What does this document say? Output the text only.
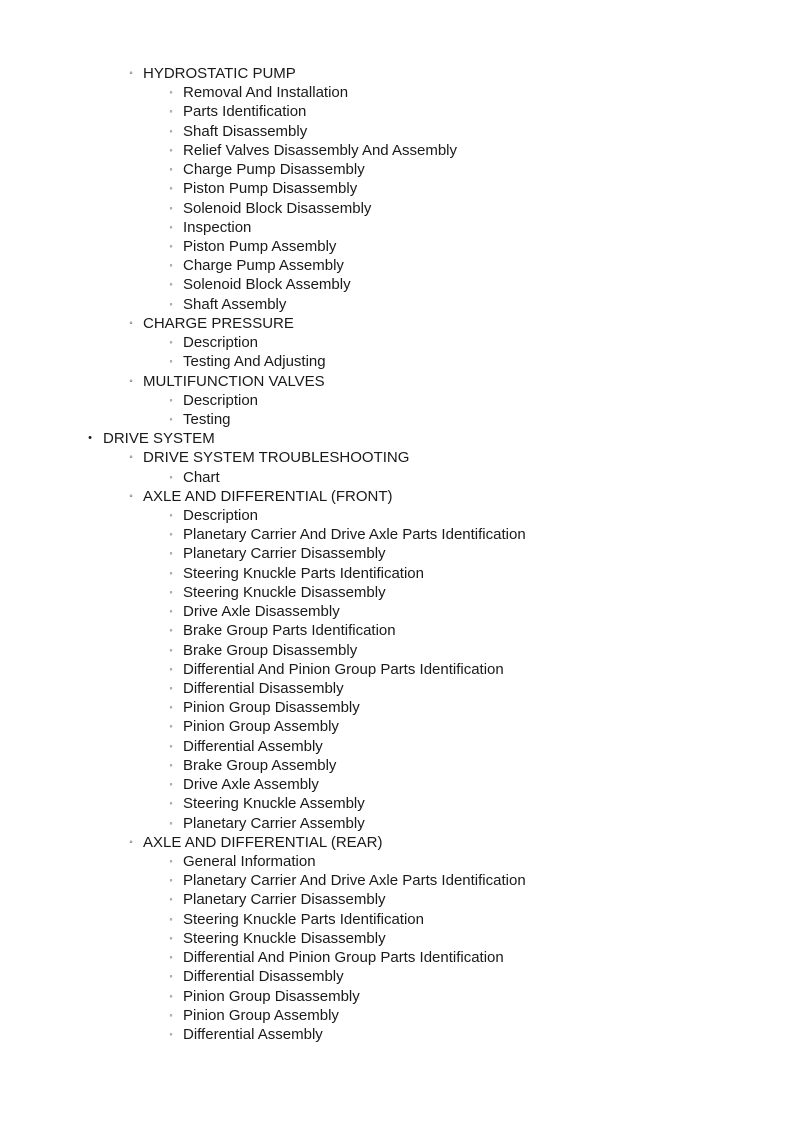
◦ HYDROSTATIC PUMP
◦ Removal And Installation
◦ Parts Identification
◦ Shaft Disassembly
◦ Relief Valves Disassembly And Assembly
◦ Charge Pump Disassembly
◦ Piston Pump Disassembly
◦ Solenoid Block Disassembly
◦ Inspection
◦ Piston Pump Assembly
◦ Charge Pump Assembly
◦ Solenoid Block Assembly
◦ Shaft Assembly
◦ CHARGE PRESSURE
◦ Description
◦ Testing And Adjusting
◦ MULTIFUNCTION VALVES
◦ Description
◦ Testing
• DRIVE SYSTEM
◦ DRIVE SYSTEM TROUBLESHOOTING
◦ Chart
◦ AXLE AND DIFFERENTIAL (FRONT)
◦ Description
◦ Planetary Carrier And Drive Axle Parts Identification
◦ Planetary Carrier Disassembly
◦ Steering Knuckle Parts Identification
◦ Steering Knuckle Disassembly
◦ Drive Axle Disassembly
◦ Brake Group Parts Identification
◦ Brake Group Disassembly
◦ Differential And Pinion Group Parts Identification
◦ Differential Disassembly
◦ Pinion Group Disassembly
◦ Pinion Group Assembly
◦ Differential Assembly
◦ Brake Group Assembly
◦ Drive Axle Assembly
◦ Steering Knuckle Assembly
◦ Planetary Carrier Assembly
◦ AXLE AND DIFFERENTIAL (REAR)
◦ General Information
◦ Planetary Carrier And Drive Axle Parts Identification
◦ Planetary Carrier Disassembly
◦ Steering Knuckle Parts Identification
◦ Steering Knuckle Disassembly
◦ Differential And Pinion Group Parts Identification
◦ Differential Disassembly
◦ Pinion Group Disassembly
◦ Pinion Group Assembly
◦ Differential Assembly
